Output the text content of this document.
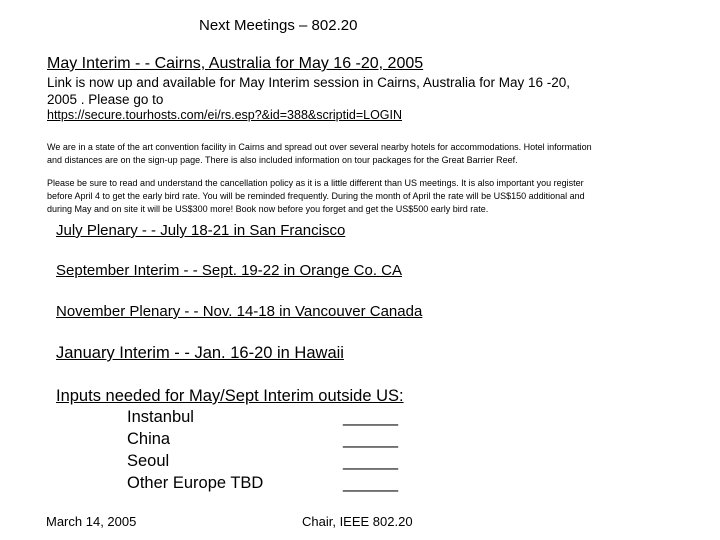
Next Meetings – 802.20
May Interim - - Cairns, Australia for May 16 -20, 2005
Link is now up and available for May Interim session in Cairns, Australia for May 16 -20,
2005 . Please go to
https://secure.tourhosts.com/ei/rs.esp?&id=388&scriptid=LOGIN
We are in a state of the art convention facility in Cairns and spread out over several nearby hotels for accommodations. Hotel information
and distances are on the sign-up page. There is also included information on tour packages for the Great Barrier Reef.
Please be sure to read and understand the cancellation policy as it is a little different than US meetings. It is also important you register
before April 4 to get the early bird rate. You will be reminded frequently. During the month of April the rate will be US$150 additional and
during May and on site it will be US$300 more! Book now before you forget and get the US$500 early bird rate.
July Plenary - - July 18-21 in San Francisco
September Interim - - Sept. 19-22 in Orange Co. CA
November Plenary - - Nov. 14-18 in Vancouver Canada
January Interim - - Jan. 16-20 in Hawaii
Inputs needed for May/Sept Interim outside US:
Instanbul	______
China	______
Seoul	______
Other Europe TBD	______
March 14, 2005	Chair, IEEE 802.20
